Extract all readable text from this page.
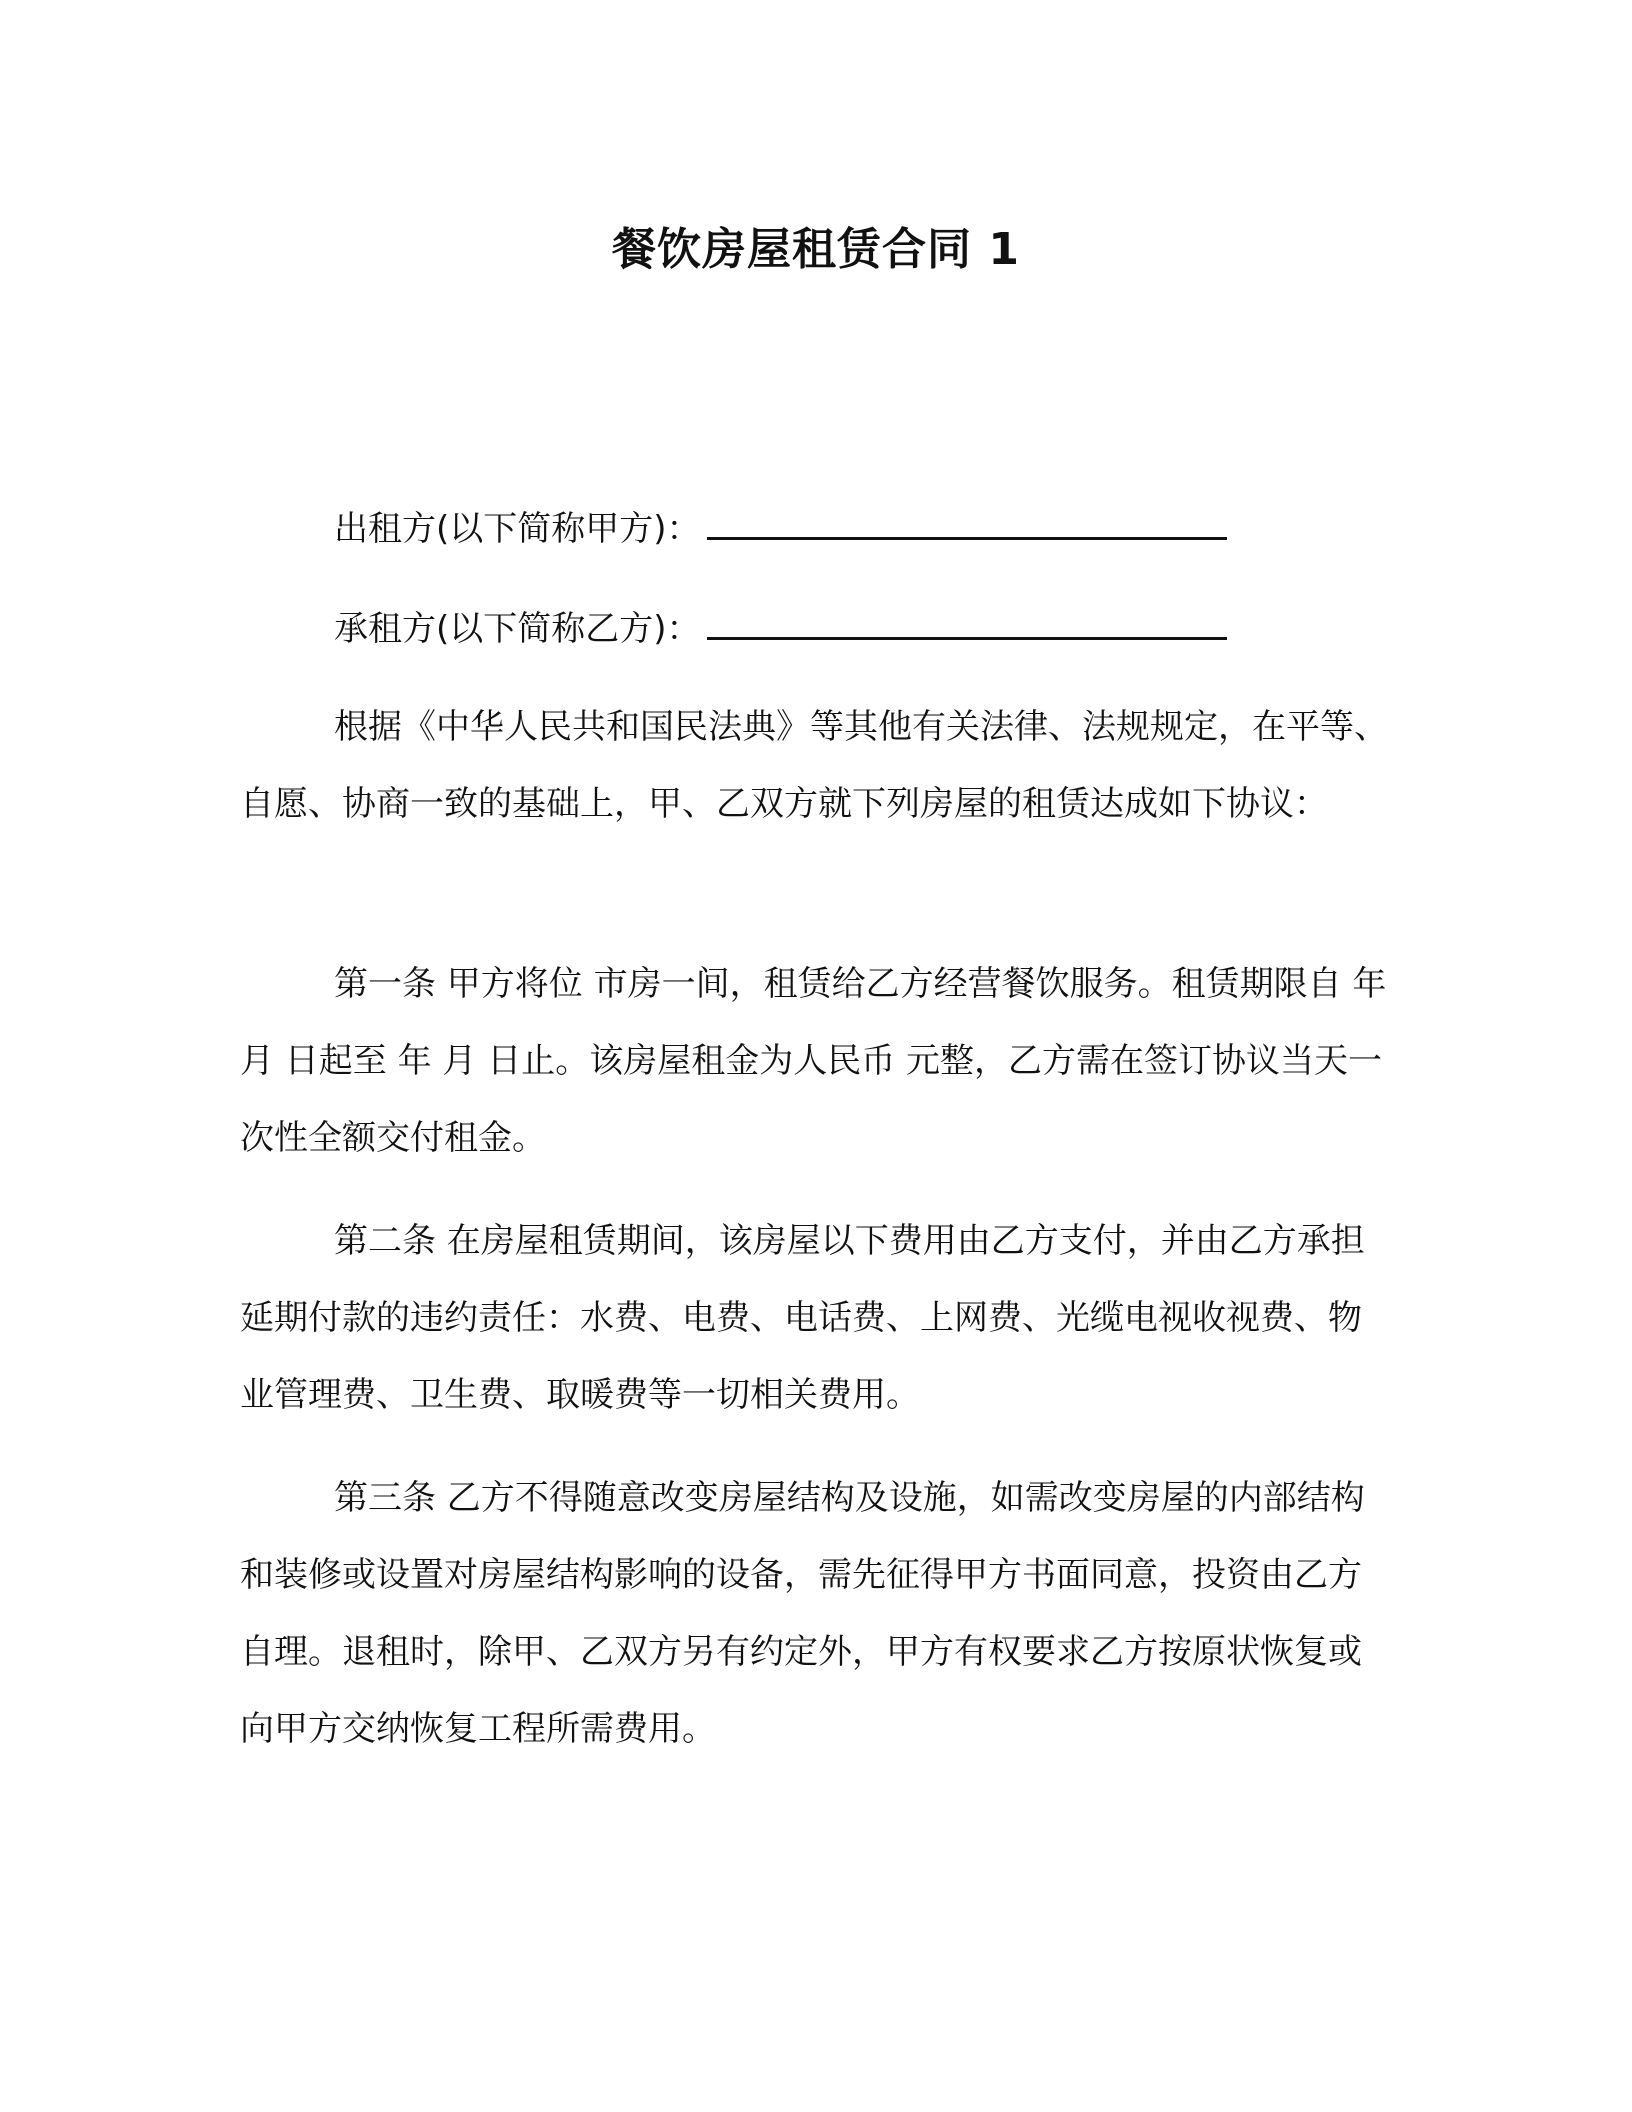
餐饮房屋租赁合同 1
出租方(以下简称甲方)：
承租方(以下简称乙方)：

根据《中华人民共和国民法典》等其他有关法律、法规规定，在平等、自愿、协商一致的基础上，甲、乙双方就下列房屋的租赁达成如下协议：

第一条 甲方将位 市房一间，租赁给乙方经营餐饮服务。租赁期限自 年 月 日起至 年 月 日止。该房屋租金为人民币 元整，乙方需在签订协议当天一次性全额交付租金。

第二条 在房屋租赁期间，该房屋以下费用由乙方支付，并由乙方承担延期付款的违约责任：水费、电费、电话费、上网费、光缆电视收视费、物业管理费、卫生费、取暖费等一切相关费用。

第三条 乙方不得随意改变房屋结构及设施，如需改变房屋的内部结构和装修或设置对房屋结构影响的设备，需先征得甲方书面同意，投资由乙方自理。退租时，除甲、乙双方另有约定外，甲方有权要求乙方按原状恢复或向甲方交纳恢复工程所需费用。
